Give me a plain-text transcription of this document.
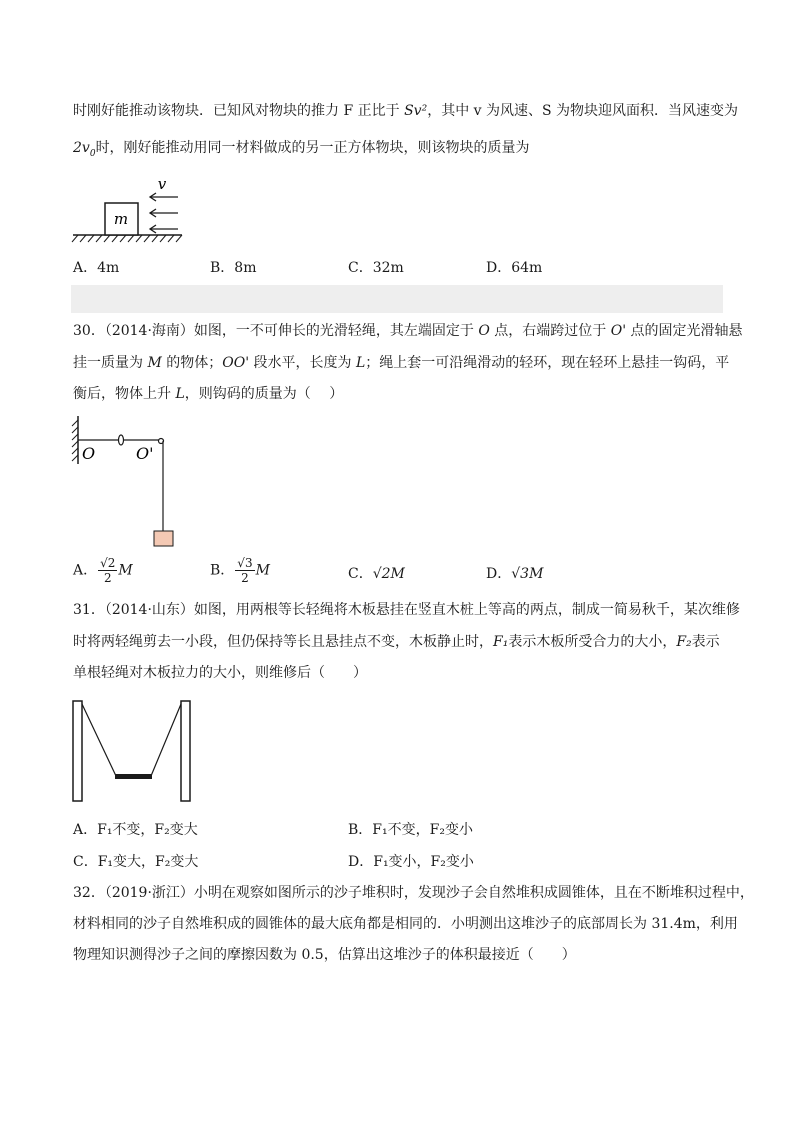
时刚好能推动该物块．已知风对物块的推力 F 正比于 Sv²，其中 v 为风速、S 为物块迎风面积．当风速变为
$2v_0$时，刚好能推动用同一材料做成的另一正方体物块，则该物块的质量为
m
v
A．4m	B．8m	C．32m	D．64m
30．（2014·海南）如图，一不可伸长的光滑轻绳，其左端固定于 O 点，右端跨过位于 O' 点的固定光滑轴悬
挂一质量为 M 的物体；OO' 段水平，长度为 L；绳上套一可沿绳滑动的轻环，现在轻环上悬挂一钩码，平
衡后，物体上升 L，则钩码的质量为（　 ）
O	O'
A． $\frac{√2}{2}$ M	B． $\frac{√3}{2}$ M	C．√2M	D．√3M
31．（2014·山东）如图，用两根等长轻绳将木板悬挂在竖直木桩上等高的两点，制成一简易秋千，某次维修
时将两轻绳剪去一小段，但仍保持等长且悬挂点不变，木板静止时，F₁表示木板所受合力的大小，F₂表示
单根轻绳对木板拉力的大小，则维修后（　　）
A．F₁不变，F₂变大	B．F₁不变，F₂变小
C．F₁变大，F₂变大	D．F₁变小，F₂变小
32．（2019·浙江）小明在观察如图所示的沙子堆积时，发现沙子会自然堆积成圆锥体，且在不断堆积过程中，
材料相同的沙子自然堆积成的圆锥体的最大底角都是相同的．小明测出这堆沙子的底部周长为 31.4m，利用
物理知识测得沙子之间的摩擦因数为 0.5，估算出这堆沙子的体积最接近（　　）
